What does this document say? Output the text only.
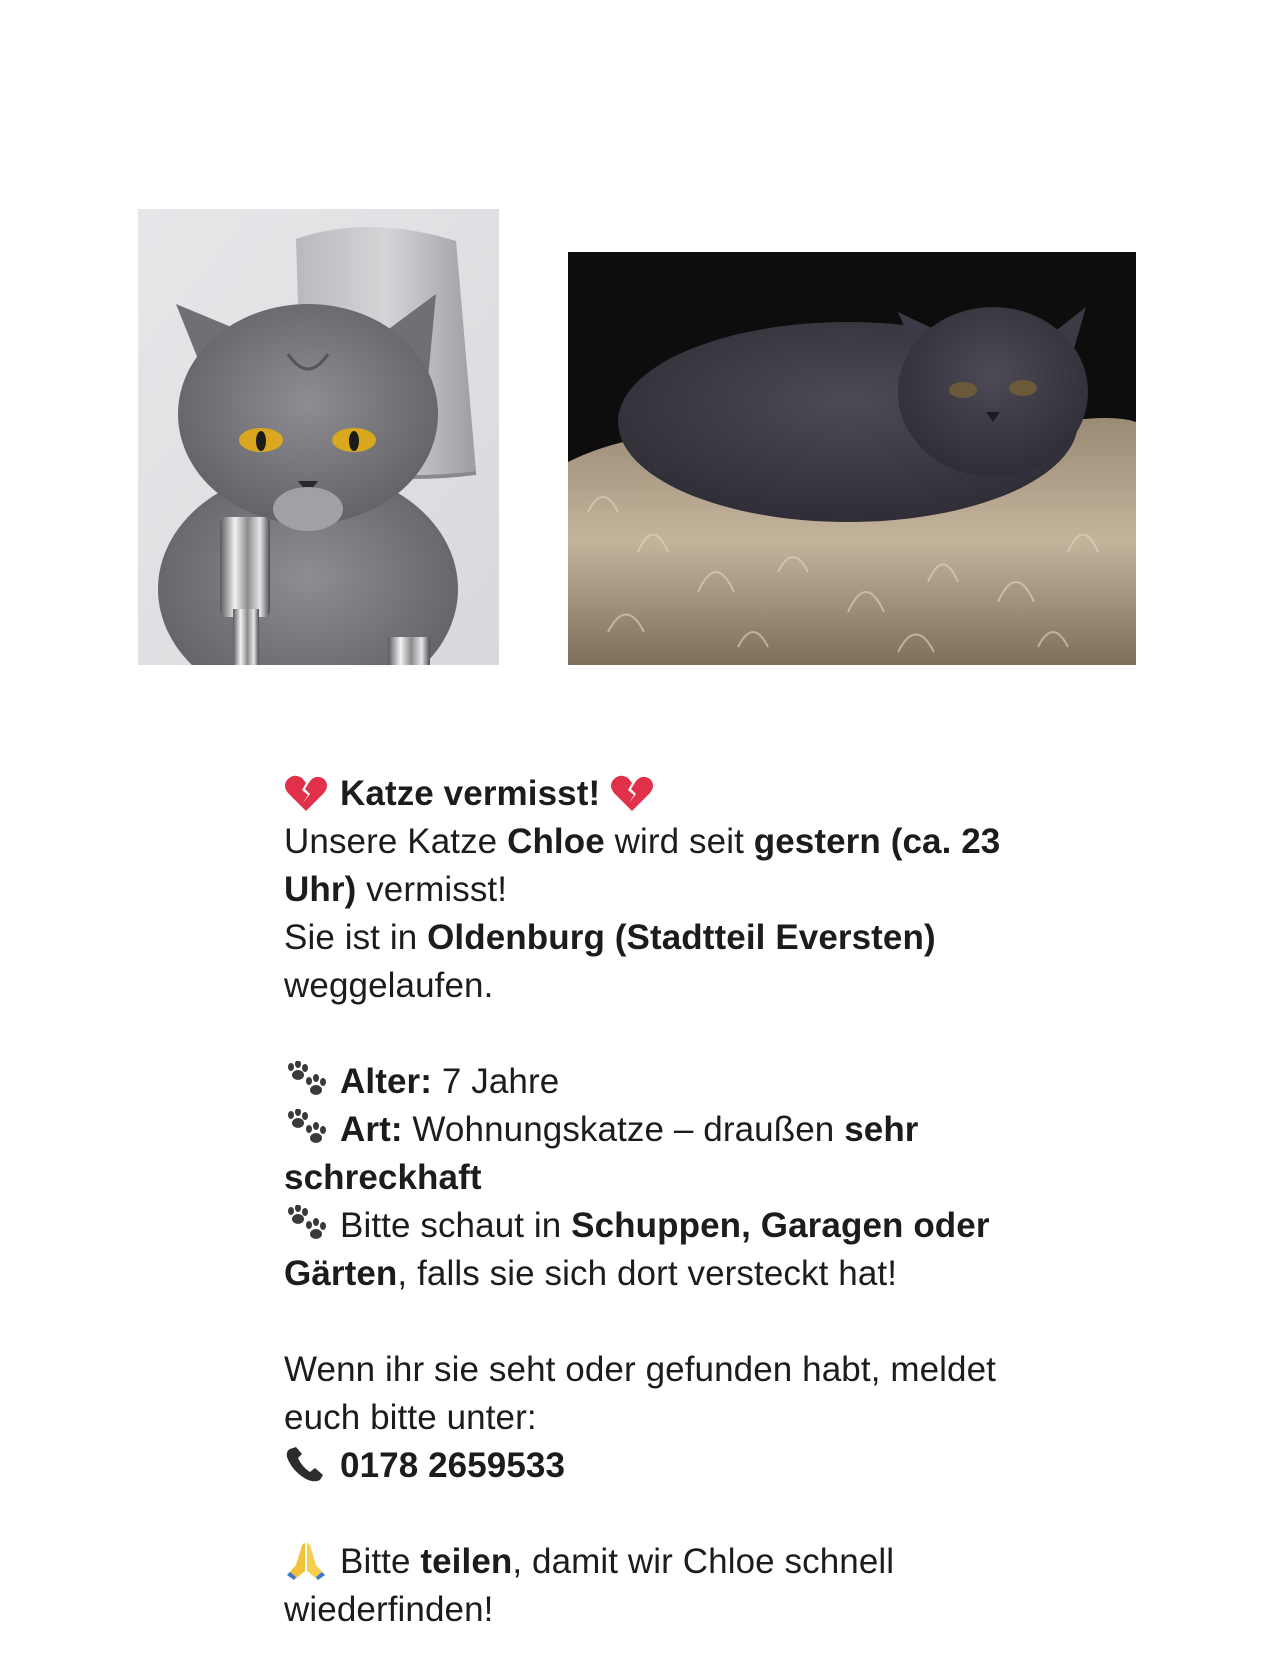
Katze vermisst!
Unsere Katze Chloe wird seit gestern (ca. 23
Uhr) vermisst!
Sie ist in Oldenburg (Stadtteil Eversten)
weggelaufen.
Alter: 7 Jahre
Art: Wohnungskatze – draußen sehr
schreckhaft
Bitte schaut in Schuppen, Garagen oder
Gärten, falls sie sich dort versteckt hat!
Wenn ihr sie seht oder gefunden habt, meldet
euch bitte unter:
0178 2659533
Bitte teilen, damit wir Chloe schnell
wiederfinden!
